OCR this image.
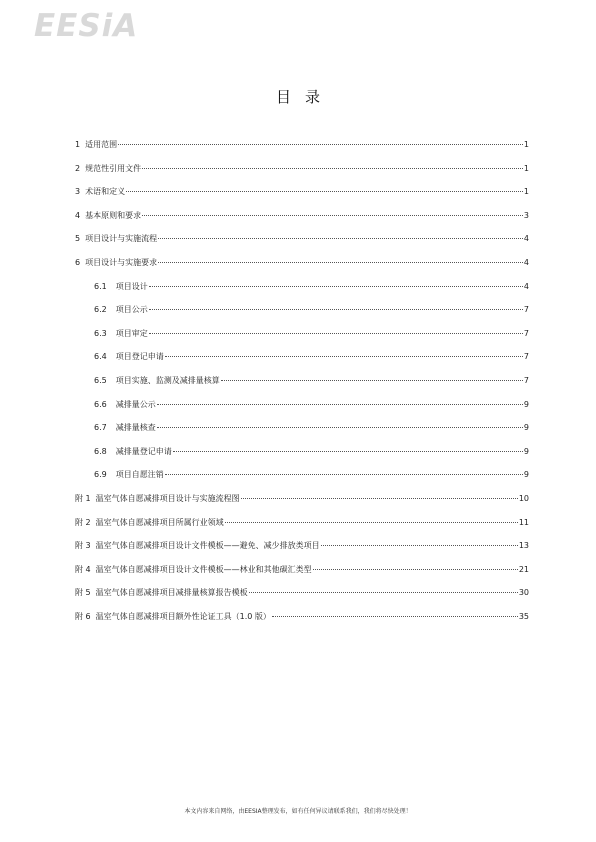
EESiA
目录
1 适用范围	1
2 规范性引用文件	1
3 术语和定义	1
4 基本原则和要求	3
5 项目设计与实施流程	4
6 项目设计与实施要求	4
6.1	项目设计	4
6.2	项目公示	7
6.3	项目审定	7
6.4	项目登记申请	7
6.5	项目实施、监测及减排量核算	7
6.6	减排量公示	9
6.7	减排量核查	9
6.8	减排量登记申请	9
6.9	项目自愿注销	9
附 1 温室气体自愿减排项目设计与实施流程图	10
附 2 温室气体自愿减排项目所属行业领域	11
附 3 温室气体自愿减排项目设计文件模板——避免、减少排放类项目	13
附 4 温室气体自愿减排项目设计文件模板——林业和其他碳汇类型	21
附 5 温室气体自愿减排项目减排量核算报告模板	30
附 6 温室气体自愿减排项目额外性论证工具（1.0 版）	35
本文内容来自网络，由EESIA整理发布，如有任何异议请联系我们，我们将尽快处理！
